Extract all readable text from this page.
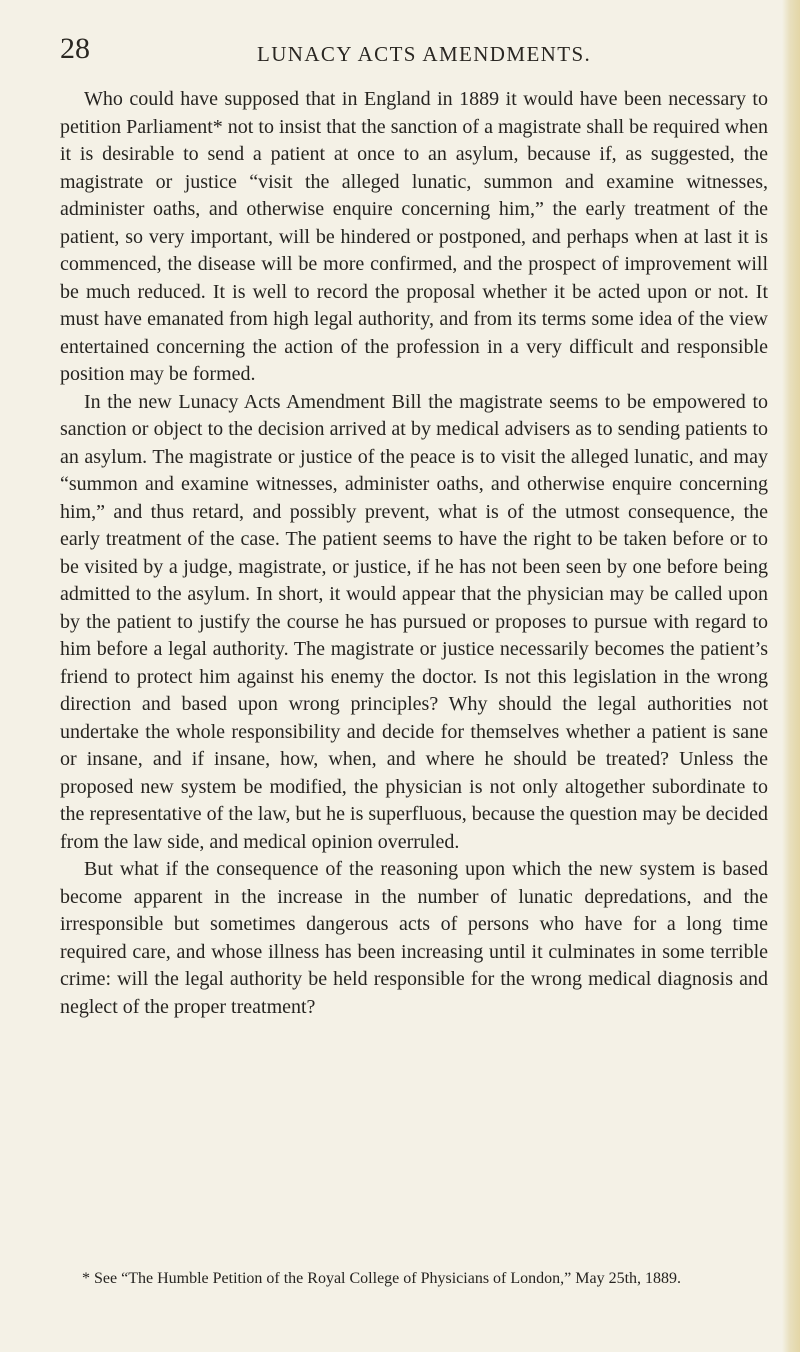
28	LUNACY ACTS AMENDMENTS.

Who could have supposed that in England in 1889 it would have been necessary to petition Parliament* not to insist that the sanction of a magistrate shall be required when it is desirable to send a patient at once to an asylum, because if, as suggested, the magistrate or justice “visit the alleged lunatic, summon and examine witnesses, administer oaths, and otherwise enquire concerning him,” the early treatment of the patient, so very important, will be hindered or postponed, and perhaps when at last it is commenced, the disease will be more confirmed, and the prospect of improvement will be much reduced. It is well to record the proposal whether it be acted upon or not. It must have emanated from high legal authority, and from its terms some idea of the view entertained concerning the action of the profession in a very difficult and responsible position may be formed.

In the new Lunacy Acts Amendment Bill the magistrate seems to be empowered to sanction or object to the decision arrived at by medical advisers as to sending patients to an asylum. The magistrate or justice of the peace is to visit the alleged lunatic, and may “summon and examine witnesses, administer oaths, and otherwise enquire concerning him,” and thus retard, and possibly prevent, what is of the utmost consequence, the early treatment of the case. The patient seems to have the right to be taken before or to be visited by a judge, magistrate, or justice, if he has not been seen by one before being admitted to the asylum. In short, it would appear that the physician may be called upon by the patient to justify the course he has pursued or proposes to pursue with regard to him before a legal authority. The magistrate or justice necessarily becomes the patient’s friend to protect him against his enemy the doctor. Is not this legislation in the wrong direction and based upon wrong principles? Why should the legal authorities not undertake the whole responsibility and decide for themselves whether a patient is sane or insane, and if insane, how, when, and where he should be treated? Unless the proposed new system be modified, the physician is not only altogether subordinate to the representative of the law, but he is superfluous, because the question may be decided from the law side, and medical opinion overruled.

But what if the consequence of the reasoning upon which the new system is based become apparent in the increase in the number of lunatic depredations, and the irresponsible but sometimes dangerous acts of persons who have for a long time required care, and whose illness has been increasing until it culminates in some terrible crime: will the legal authority be held responsible for the wrong medical diagnosis and neglect of the proper treatment?

* See “The Humble Petition of the Royal College of Physicians of London,” May 25th, 1889.
